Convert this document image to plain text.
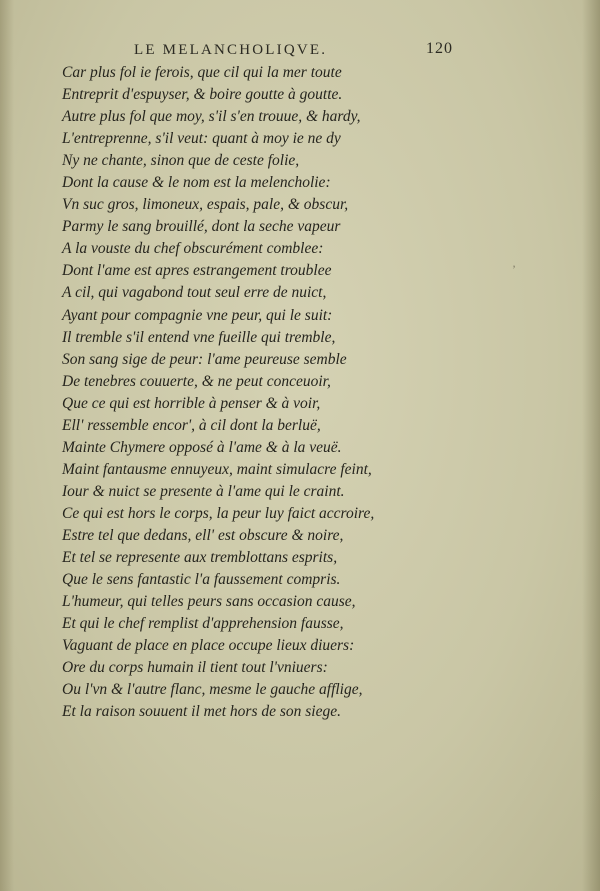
LE MELANCHOLIQVE.	120
Car plus fol ie ferois, que cil qui la mer toute
Entreprit d'espuyser, & boire goutte à goutte.
Autre plus fol que moy, s'il s'en trouue, & hardy,
L'entreprenne, s'il veut: quant à moy ie ne dy
Ny ne chante, sinon que de ceste folie,
Dont la cause & le nom est la melencholie:
Vn suc gros, limoneux, espais, pale, & obscur,
Parmy le sang brouillé, dont la seche vapeur
A la vouste du chef obscurément comblee:
Dont l'ame est apres estrangement troublee
A cil, qui vagabond tout seul erre de nuict,
Ayant pour compagnie vne peur, qui le suit:
Il tremble s'il entend vne fueille qui tremble,
Son sang sige de peur: l'ame peureuse semble
De tenebres couuerte, & ne peut conceuoir,
Que ce qui est horrible à penser & à voir,
Ell' ressemble encor', à cil dont la berluë,
Mainte Chymere opposé à l'ame & à la veuë.
Maint fantausme ennuyeux, maint simulacre feint,
Iour & nuict se presente à l'ame qui le craint.
Ce qui est hors le corps, la peur luy faict accroire,
Estre tel que dedans, ell' est obscure & noire,
Et tel se represente aux tremblottans esprits,
Que le sens fantastic l'a faussement compris.
L'humeur, qui telles peurs sans occasion cause,
Et qui le chef remplist d'apprehension fausse,
Vaguant de place en place occupe lieux diuers:
Ore du corps humain il tient tout l'vniuers:
Ou l'vn & l'autre flanc, mesme le gauche afflige,
Et la raison souuent il met hors de son siege.
’
